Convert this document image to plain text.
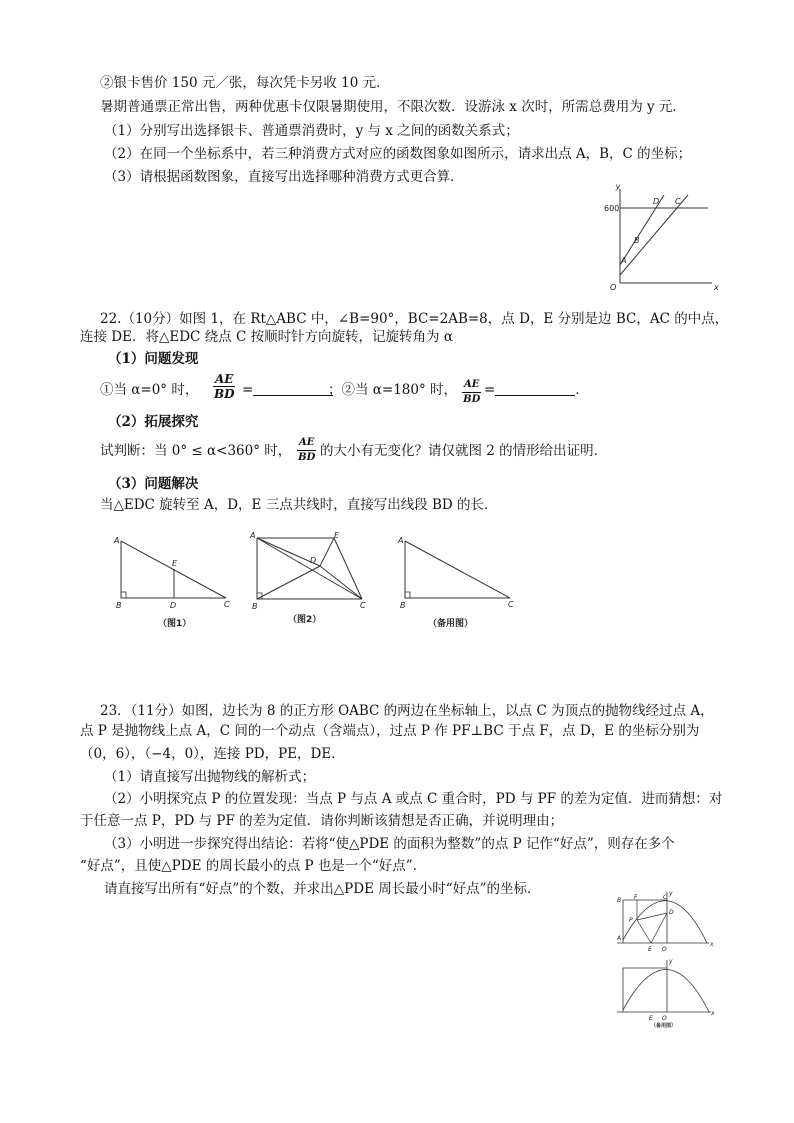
②银卡售价 150 元／张，每次凭卡另收 10 元．
暑期普通票正常出售，两种优惠卡仅限暑期使用，不限次数．设游泳 x 次时，所需总费用为 y 元．
（1）分别写出选择银卡、普通票消费时，y 与 x 之间的函数关系式；
（2）在同一个坐标系中，若三种消费方式对应的函数图象如图所示，请求出点 A，B，C 的坐标；
（3）请根据函数图象，直接写出选择哪种消费方式更合算．
y
x
O
600
A
B
C
D
22.（10分）如图 1，在 Rt△ABC 中，∠B=90°，BC=2AB=8，点 D，E 分别是边 BC，AC 的中点，
连接 DE．将△EDC 绕点 C 按顺时针方向旋转，记旋转角为 α
（1）问题发现
①当 α=0° 时， $\frac{AE}{BD}$ =	；②当 α=180° 时， $\frac{AE}{BD}$ =	．
（2）拓展探究
试判断：当 0° ≤ α<360° 时， $\frac{AE}{BD}$ 的大小有无变化？请仅就图 2 的情形给出证明．
（3）问题解决
当△EDC 旋转至 A，D，E 三点共线时，直接写出线段 BD 的长．
A
B	C
D
E
（图1）
A
B	C
D
E
（图2）
A
B	C
（备用图）
23．（11分）如图，边长为 8 的正方形 OABC 的两边在坐标轴上，以点 C 为顶点的抛物线经过点 A，
点 P 是抛物线上点 A，C 间的一个动点（含端点），过点 P 作 PF⊥BC 于点 F，点 D，E 的坐标分别为
（0，6），（−4，0），连接 PD，PE，DE．
（1）请直接写出抛物线的解析式；
（2）小明探究点 P 的位置发现：当点 P 与点 A 或点 C 重合时，PD 与 PF 的差为定值．进而猜想：对
于任意一点 P，PD 与 PF 的差为定值．请你判断该猜想是否正确，并说明理由；
（3）小明进一步探究得出结论：若将“使△PDE 的面积为整数”的点 P 记作“好点”，则存在多个
“好点”，且使△PDE 的周长最小的点 P 也是一个“好点”．
请直接写出所有“好点”的个数，并求出△PDE 周长最小时“好点”的坐标．
B F	C
y
P
D
A
E O
x
y
x
E O
（备用图）
